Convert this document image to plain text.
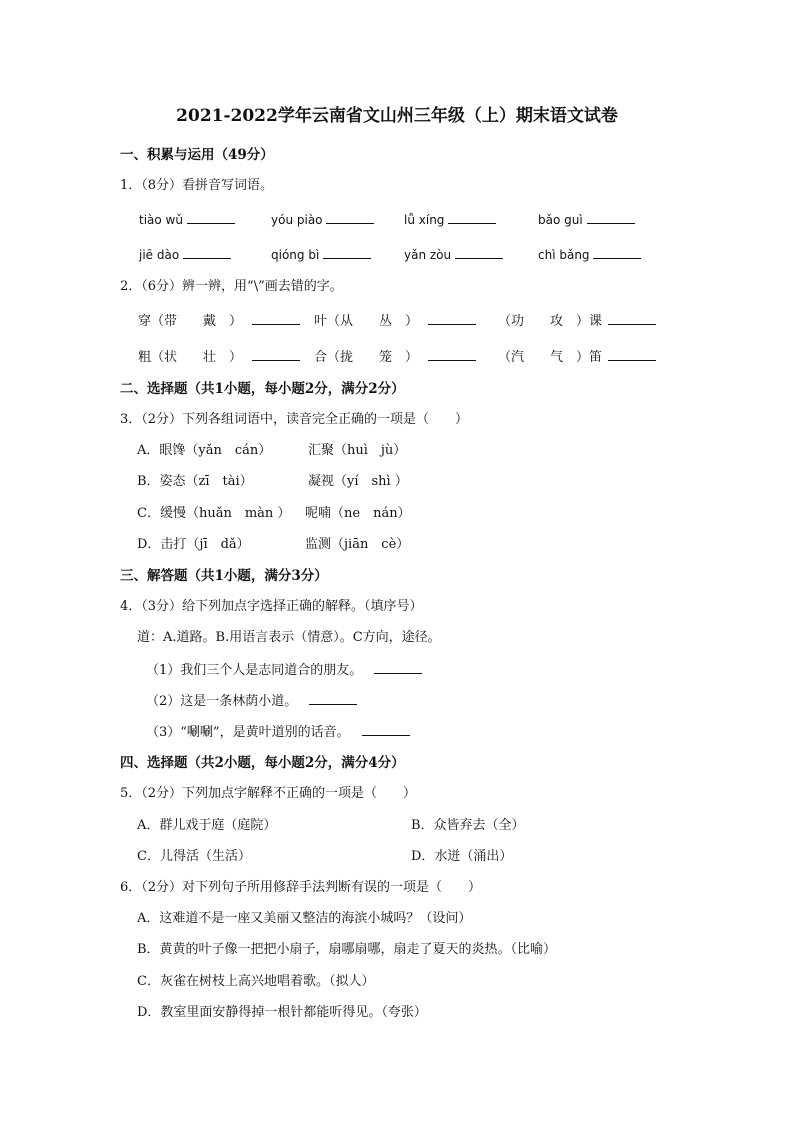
2021-2022学年云南省文山州三年级（上）期末语文试卷
一、积累与运用（49分）
1．（8分）看拼音写词语。
tiào wǔ	yóu piào	lǚ xíng	bǎo guì
jiē dào	qióng bì	yǎn zòu	chì bǎng
2．（6分）辨一辨，用“\”画去错的字。
穿（带　　戴　）	叶（从　　丛　）	（功　　攻　）课
粗（状　　壮　）	合（拢　　笼　）	（汽　　气　）笛
二、选择题（共1小题，每小题2分，满分2分）
3．（2分）下列各组词语中，读音完全正确的一项是（　　）
A．眼馋（yǎn　cán）	汇聚（huì　jù）
B．姿态（zī　tài）	凝视（yí　shì ）
C．缓慢（huǎn　màn ） 呢喃（ne　nán）
D．击打（jī　dǎ）	监测（jiān　cè）
三、解答题（共1小题，满分3分）
4．（3分）给下列加点字选择正确的解释。（填序号）
道：A.道路。B.用语言表示（情意）。C方向，途径。
（1）我们三个人是志同道合的朋友。
（2）这是一条林荫小道。
（3）“唰唰”，是黄叶道别的话音。
四、选择题（共2小题，每小题2分，满分4分）
5．（2分）下列加点字解释不正确的一项是（　　）
A．群儿戏于庭（庭院）	B．众皆弃去（全）
C．儿得活（生活）	D．水迸（涌出）
6．（2分）对下列句子所用修辞手法判断有误的一项是（　　）
A．这难道不是一座又美丽又整洁的海滨小城吗？（设问）
B．黄黄的叶子像一把把小扇子，扇哪扇哪，扇走了夏天的炎热。（比喻）
C．灰雀在树枝上高兴地唱着歌。（拟人）
D．教室里面安静得掉一根针都能听得见。（夸张）
